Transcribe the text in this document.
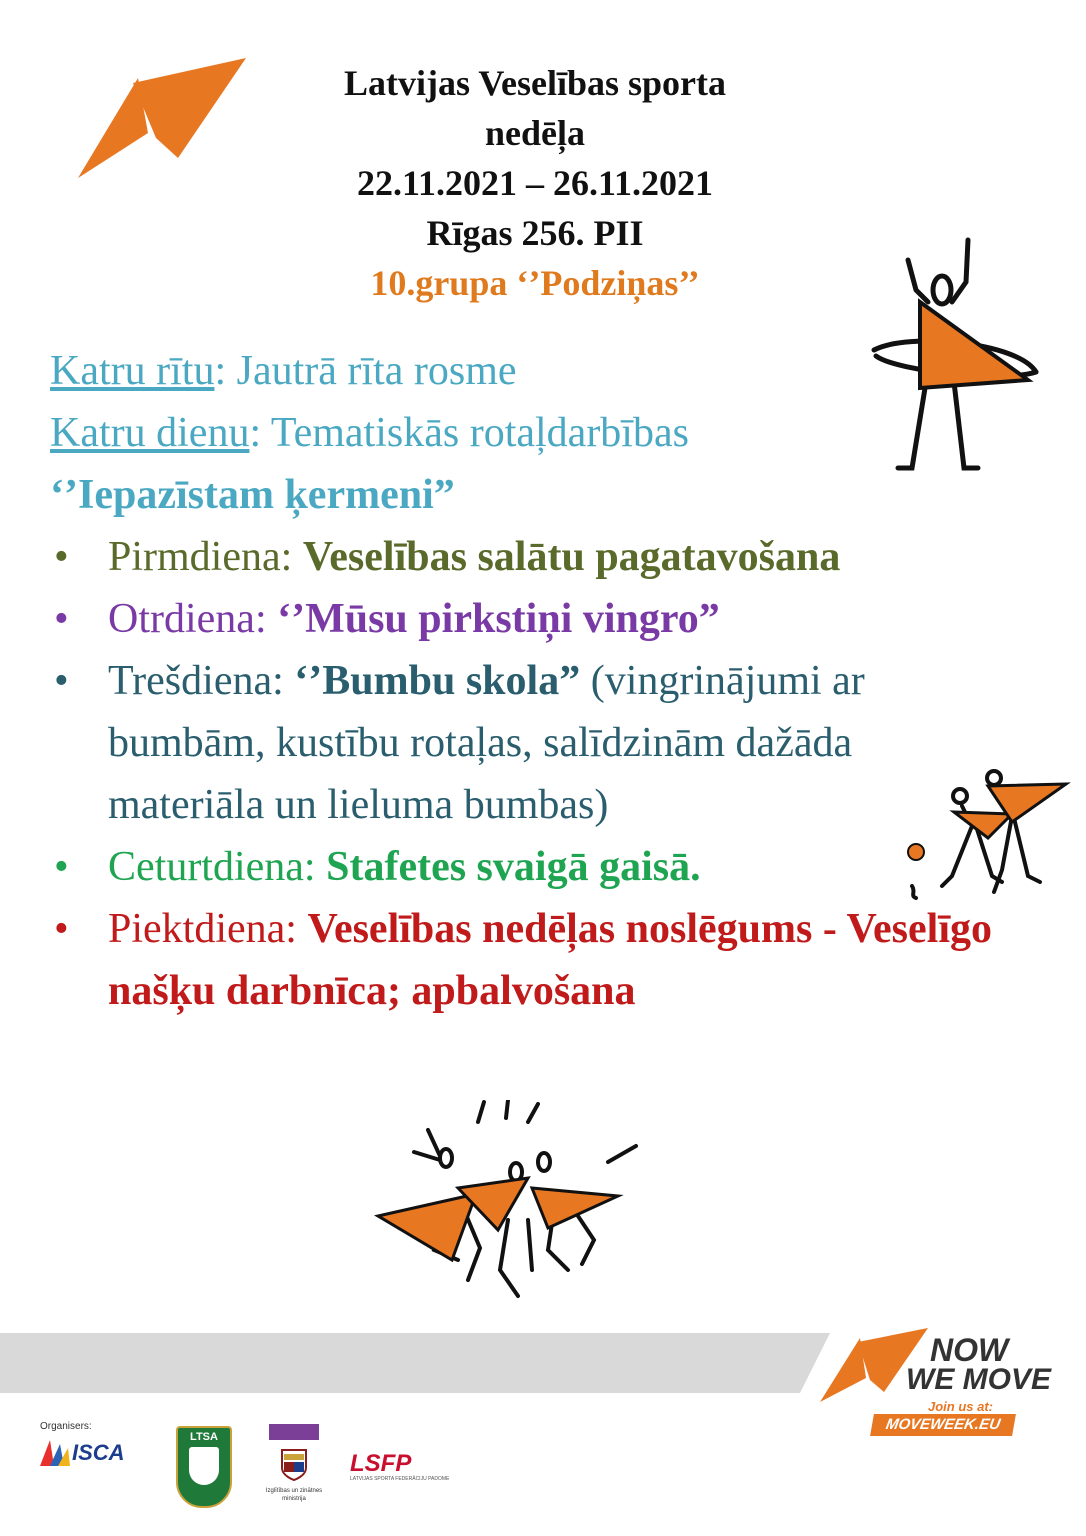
Latvijas Veselības sporta
nedēļa
22.11.2021 – 26.11.2021
Rīgas 256. PII
10.grupa ‘’Podziņas’’
Katru rītu: Jautrā rīta rosme
Katru dienu: Tematiskās rotaļdarbības
‘’Iepazīstam ķermeni”
• Pirmdiena: Veselības salātu pagatavošana
• Otrdiena: ‘’Mūsu pirkstiņi vingro”
• Trešdiena: ‘’Bumbu skola” (vingrinājumi ar bumbām, kustību rotaļas, salīdzinām dažāda materiāla un lieluma bumbas)
• Ceturtdiena: Stafetes svaigā gaisā.
• Piektdiena: Veselības nedēļas noslēgums - Veselīgo našķu darbnīca; apbalvošana
NOW
WE MOVE
Join us at:
MOVEWEEK.EU
Organisers:
ISCA
LTSA
Izglītības un zinātnes ministrija
LSFP
LATVIJAS SPORTA FEDERĀCIJU PADOME
